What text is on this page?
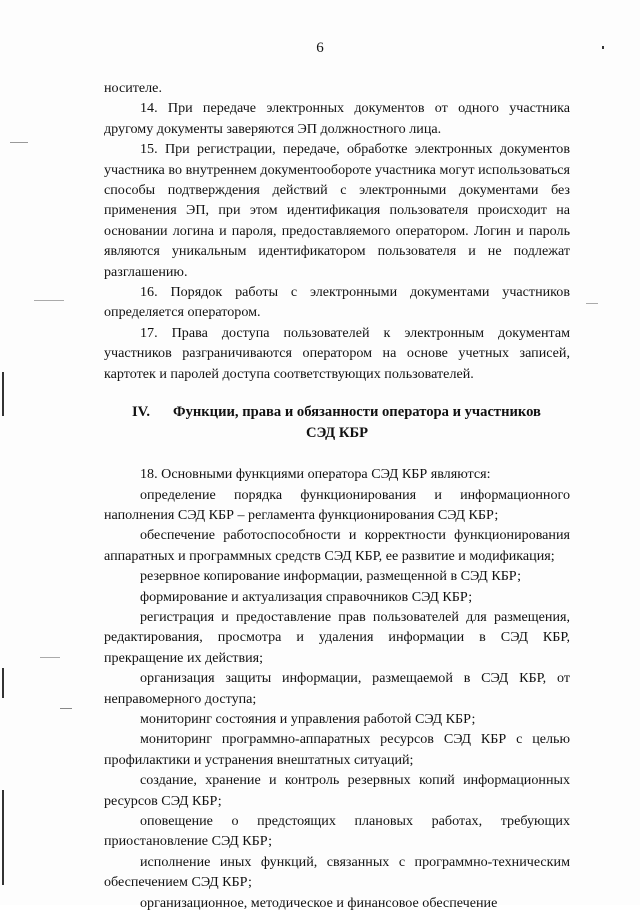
6

носителе.

14. При передаче электронных документов от одного участника другому документы заверяются ЭП должностного лица.

15. При регистрации, передаче, обработке электронных документов участника во внутреннем документообороте участника могут использоваться способы подтверждения действий с электронными документами без применения ЭП, при этом идентификация пользователя происходит на основании логина и пароля, предоставляемого оператором. Логин и пароль являются уникальным идентификатором пользователя и не подлежат разглашению.

16. Порядок работы с электронными документами участников определяется оператором.

17. Права доступа пользователей к электронным документам участников разграничиваются оператором на основе учетных записей, картотек и паролей доступа соответствующих пользователей.

IV.	Функции, права и обязанности оператора и участников
СЭД КБР

18. Основными функциями оператора СЭД КБР являются:

определение порядка функционирования и информационного наполнения СЭД КБР – регламента функционирования СЭД КБР;

обеспечение работоспособности и корректности функционирования аппаратных и программных средств СЭД КБР, ее развитие и модификация;

резервное копирование информации, размещенной в СЭД КБР;

формирование и актуализация справочников СЭД КБР;

регистрация и предоставление прав пользователей для размещения, редактирования, просмотра и удаления информации в СЭД КБР, прекращение их действия;

организация защиты информации, размещаемой в СЭД КБР, от неправомерного доступа;

мониторинг состояния и управления работой СЭД КБР;

мониторинг программно-аппаратных ресурсов СЭД КБР с целью профилактики и устранения внештатных ситуаций;

создание, хранение и контроль резервных копий информационных ресурсов СЭД КБР;

оповещение о предстоящих плановых работах, требующих приостановление СЭД КБР;

исполнение иных функций, связанных с программно-техническим обеспечением СЭД КБР;

организационное, методическое и финансовое обеспечение
